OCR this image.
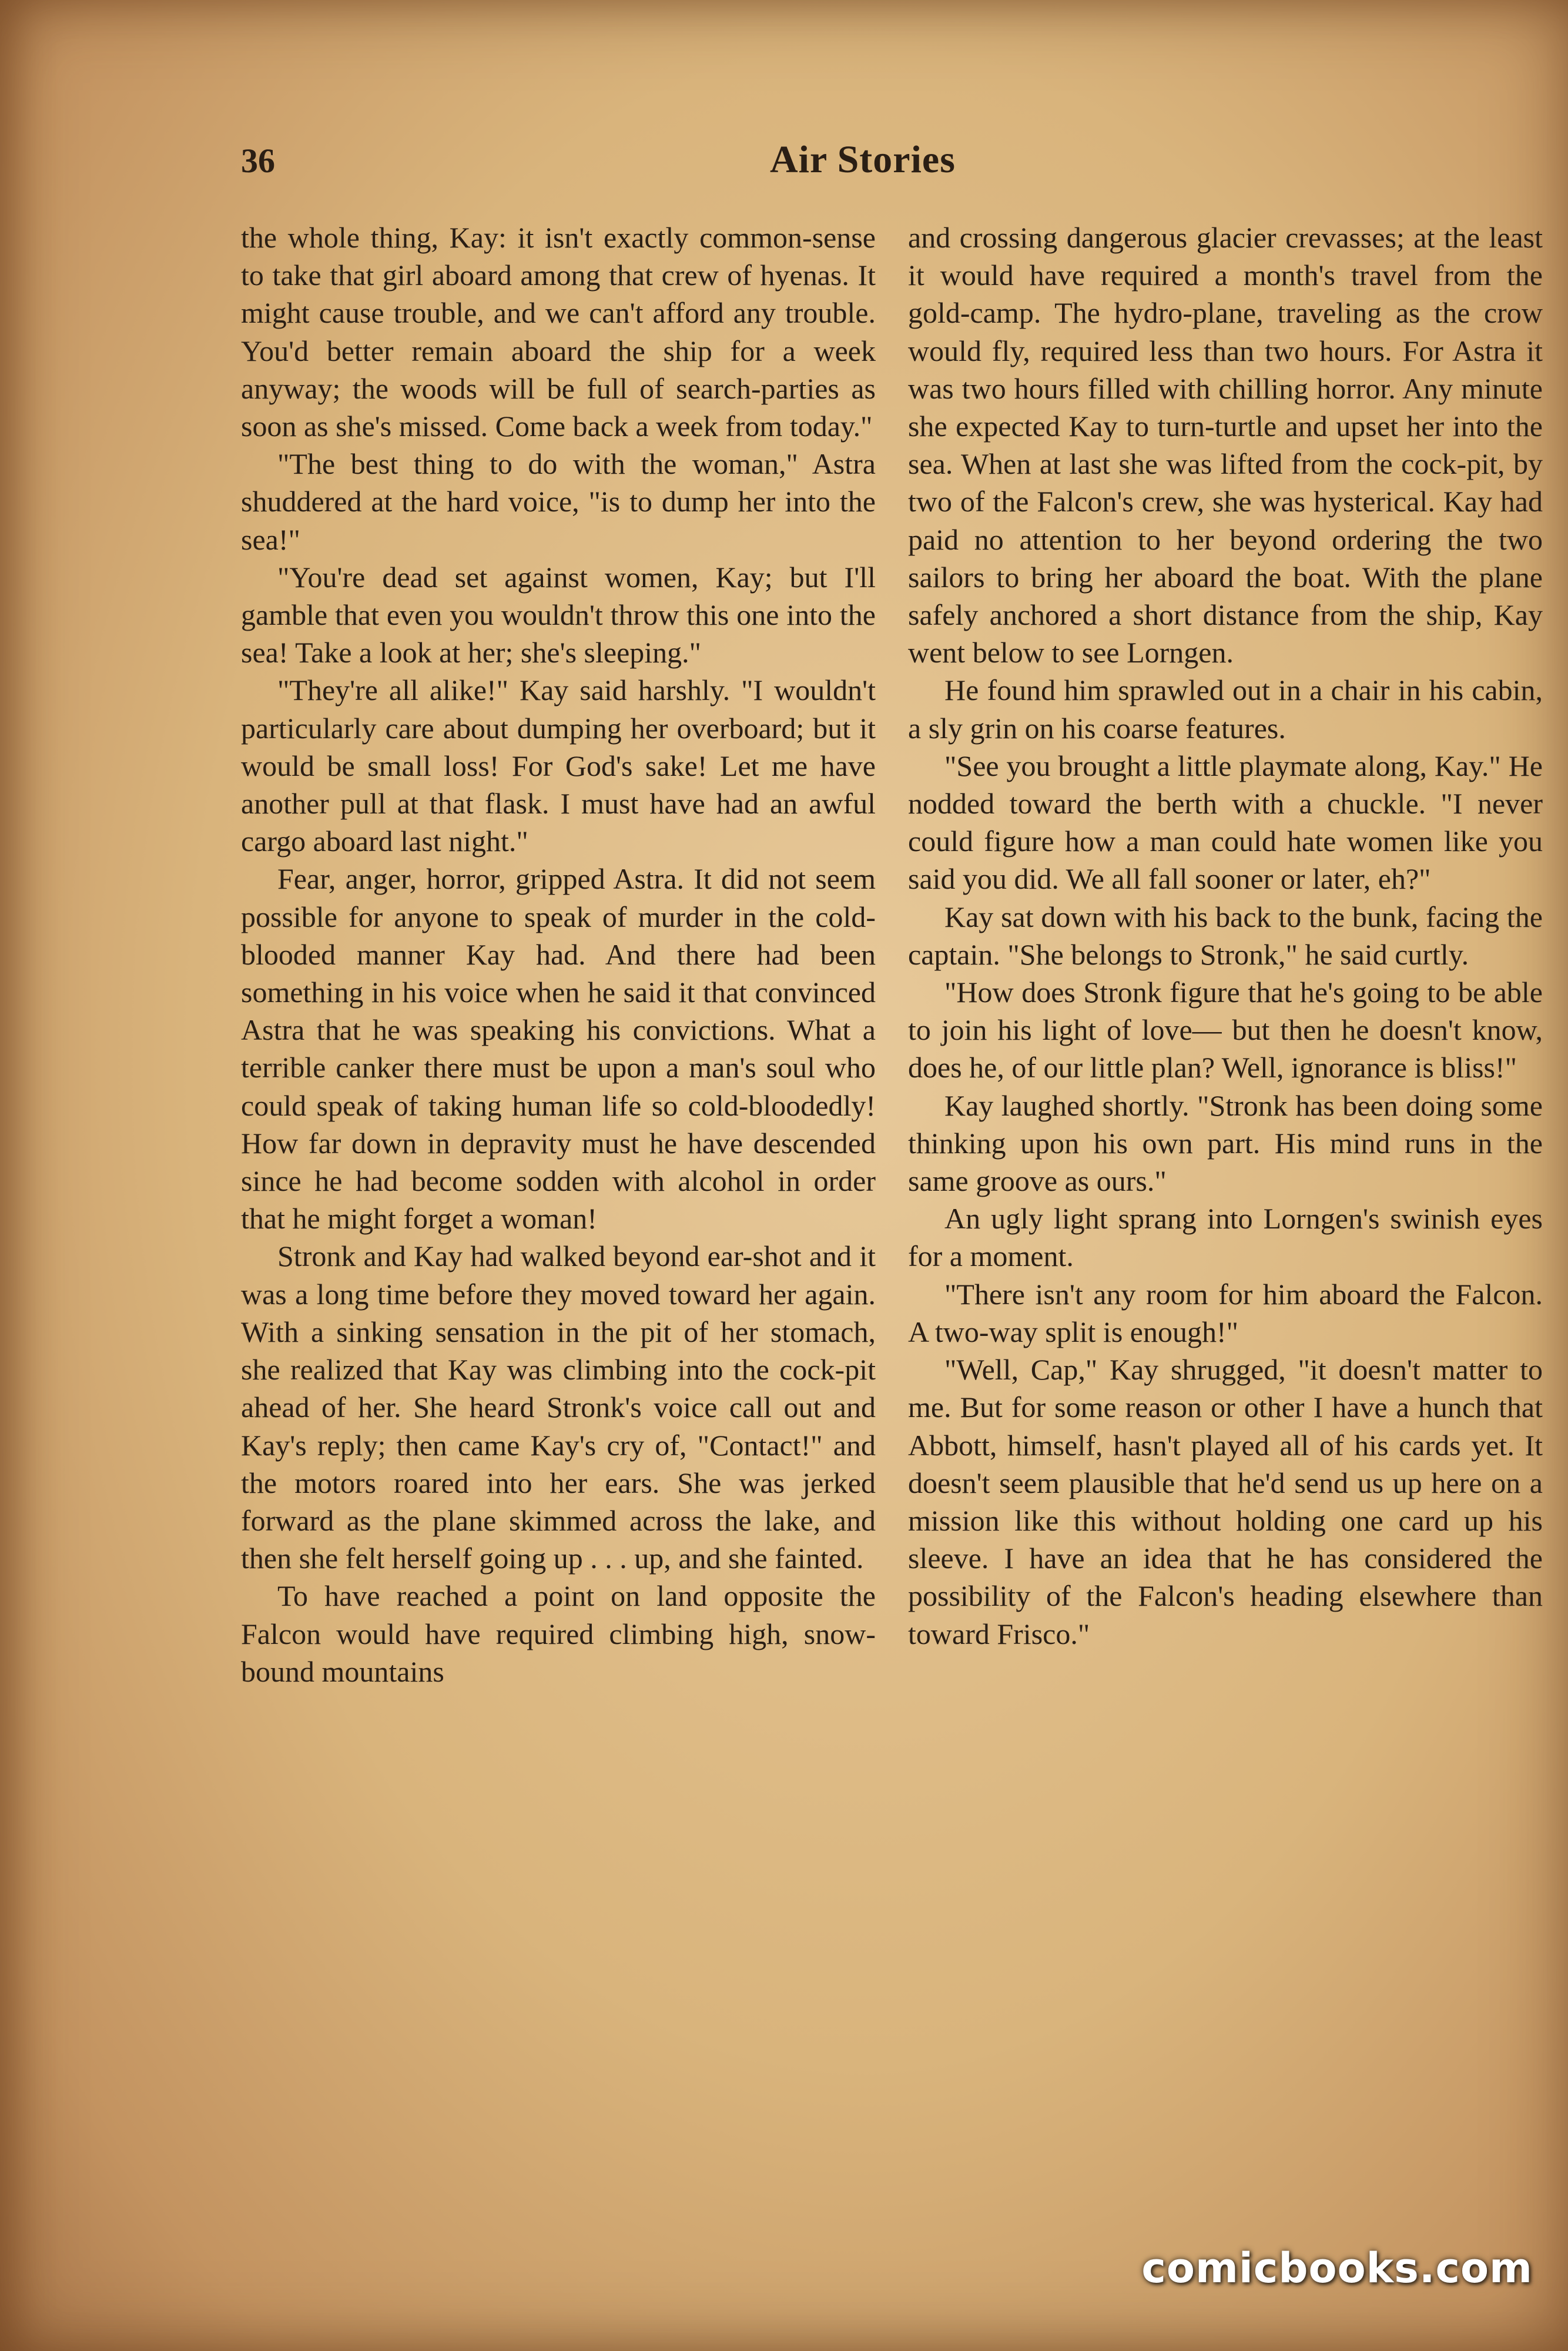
36	Air Stories

the whole thing, Kay: it isn't exactly common-sense to take that girl aboard among that crew of hyenas. It might cause trouble, and we can't afford any trouble. You'd better remain aboard the ship for a week anyway; the woods will be full of search-parties as soon as she's missed. Come back a week from today."

"The best thing to do with the woman," Astra shuddered at the hard voice, "is to dump her into the sea!"

"You're dead set against women, Kay; but I'll gamble that even you wouldn't throw this one into the sea! Take a look at her; she's sleeping."

"They're all alike!" Kay said harshly. "I wouldn't particularly care about dumping her overboard; but it would be small loss! For God's sake! Let me have another pull at that flask. I must have had an awful cargo aboard last night."

Fear, anger, horror, gripped Astra. It did not seem possible for anyone to speak of murder in the cold-blooded manner Kay had. And there had been something in his voice when he said it that convinced Astra that he was speaking his convictions. What a terrible canker there must be upon a man's soul who could speak of taking human life so cold-bloodedly! How far down in depravity must he have descended since he had become sodden with alcohol in order that he might forget a woman!

Stronk and Kay had walked beyond ear-shot and it was a long time before they moved toward her again. With a sinking sensation in the pit of her stomach, she realized that Kay was climbing into the cock-pit ahead of her. She heard Stronk's voice call out and Kay's reply; then came Kay's cry of, "Contact!" and the motors roared into her ears. She was jerked forward as the plane skimmed across the lake, and then she felt herself going up . . . up, and she fainted.

To have reached a point on land opposite the Falcon would have required climbing high, snow-bound mountains

and crossing dangerous glacier crevasses; at the least it would have required a month's travel from the gold-camp. The hydro-plane, traveling as the crow would fly, required less than two hours. For Astra it was two hours filled with chilling horror. Any minute she expected Kay to turn-turtle and upset her into the sea. When at last she was lifted from the cock-pit, by two of the Falcon's crew, she was hysterical. Kay had paid no attention to her beyond ordering the two sailors to bring her aboard the boat. With the plane safely anchored a short distance from the ship, Kay went below to see Lorngen.

He found him sprawled out in a chair in his cabin, a sly grin on his coarse features.

"See you brought a little playmate along, Kay." He nodded toward the berth with a chuckle. "I never could figure how a man could hate women like you said you did. We all fall sooner or later, eh?"

Kay sat down with his back to the bunk, facing the captain. "She belongs to Stronk," he said curtly.

"How does Stronk figure that he's going to be able to join his light of love— but then he doesn't know, does he, of our little plan? Well, ignorance is bliss!"

Kay laughed shortly. "Stronk has been doing some thinking upon his own part. His mind runs in the same groove as ours."

An ugly light sprang into Lorngen's swinish eyes for a moment.

"There isn't any room for him aboard the Falcon. A two-way split is enough!"

"Well, Cap," Kay shrugged, "it doesn't matter to me. But for some reason or other I have a hunch that Abbott, himself, hasn't played all of his cards yet. It doesn't seem plausible that he'd send us up here on a mission like this without holding one card up his sleeve. I have an idea that he has considered the possibility of the Falcon's heading elsewhere than toward Frisco."

comicbooks.com
